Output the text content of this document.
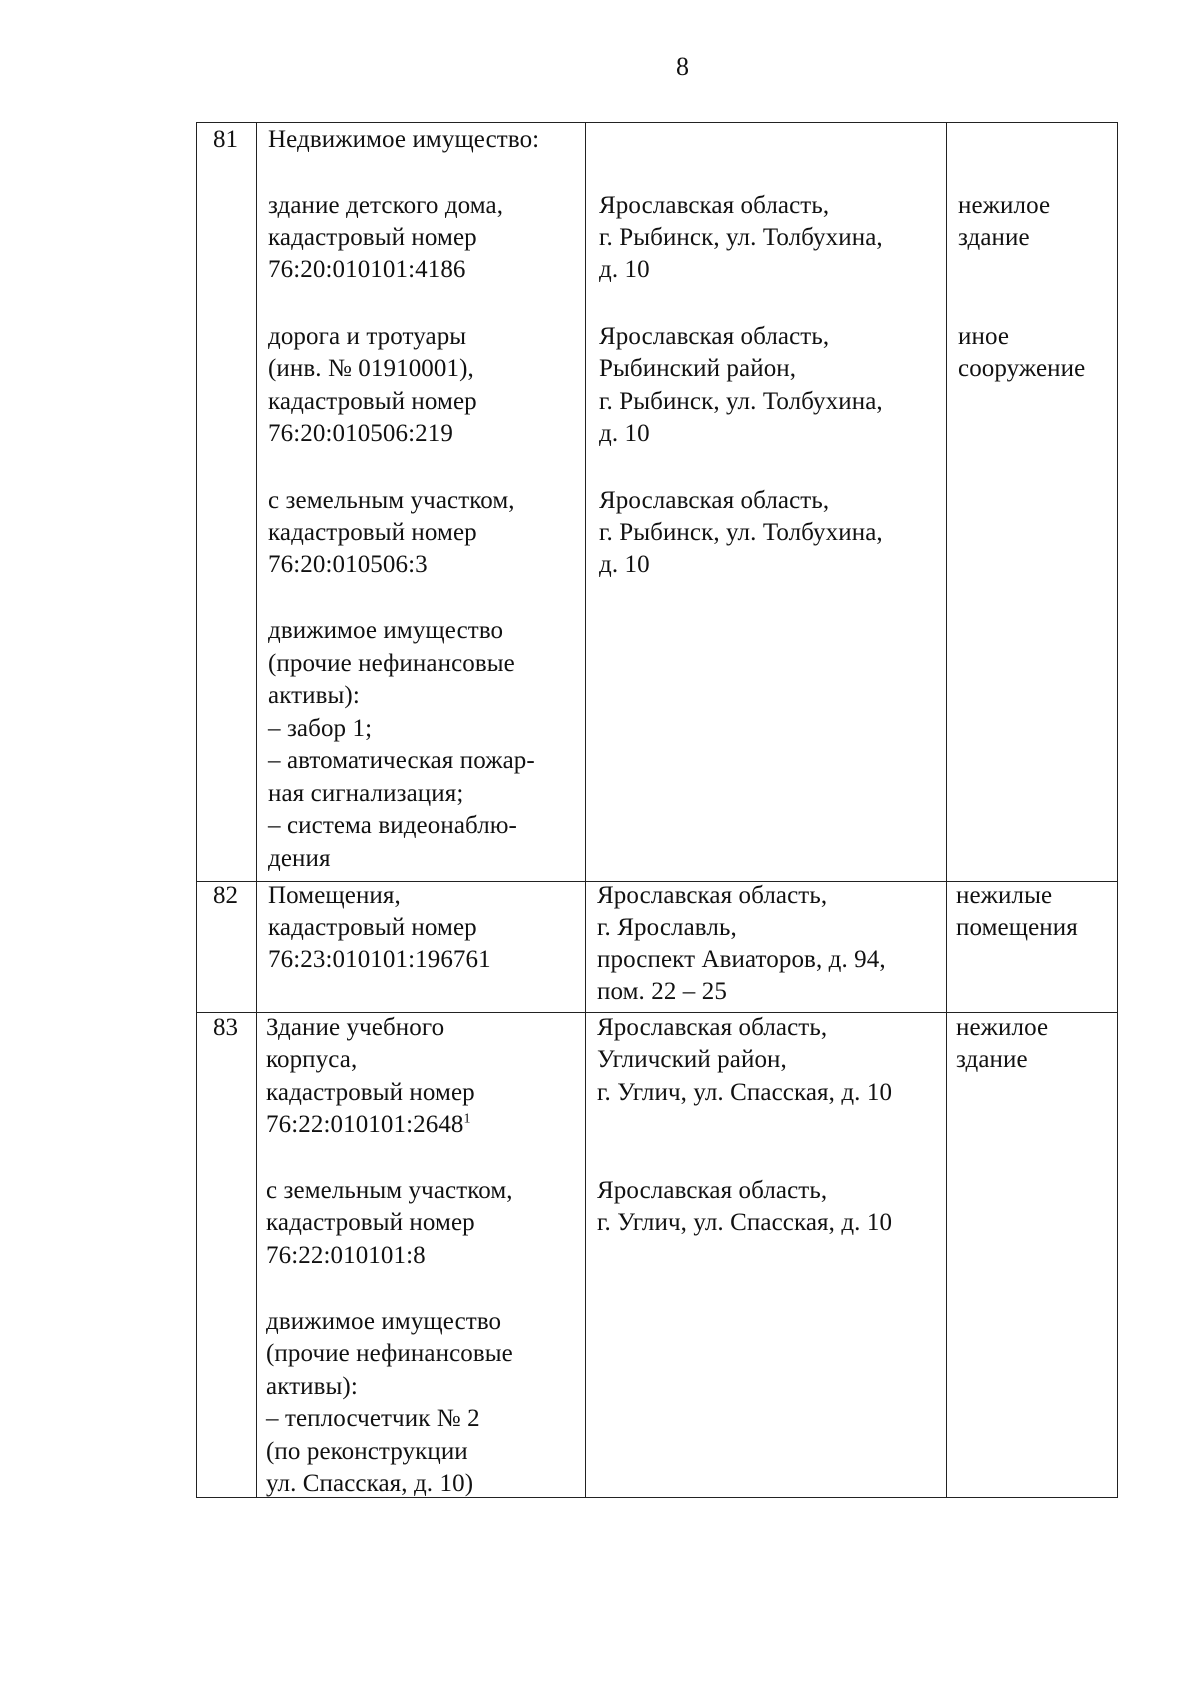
8
81 Недвижимое имущество:
здание детского дома,
кадастровый номер
76:20:010101:4186
Ярославская область,
г. Рыбинск, ул. Толбухина,
д. 10
нежилое
здание
дорога и тротуары
(инв. № 01910001),
кадастровый номер
76:20:010506:219
Ярославская область,
Рыбинский район,
г. Рыбинск, ул. Толбухина,
д. 10
иное
сооружение
с земельным участком,
кадастровый номер
76:20:010506:3
Ярославская область,
г. Рыбинск, ул. Толбухина,
д. 10
движимое имущество
(прочие нефинансовые
активы):
– забор 1;
– автоматическая пожар-
ная сигнализация;
– система видеонаблю-
дения
82 Помещения,
кадастровый номер
76:23:010101:196761
Ярославская область,
г. Ярославль,
проспект Авиаторов, д. 94,
пом. 22 – 25
нежилые
помещения
83 Здание учебного
корпуса,
кадастровый номер
76:22:010101:2648$^1$
Ярославская область,
Угличский район,
г. Углич, ул. Спасская, д. 10
нежилое
здание
с земельным участком,
кадастровый номер
76:22:010101:8
Ярославская область,
г. Углич, ул. Спасская, д. 10
движимое имущество
(прочие нефинансовые
активы):
– теплосчетчик № 2
(по реконструкции
ул. Спасская, д. 10)
